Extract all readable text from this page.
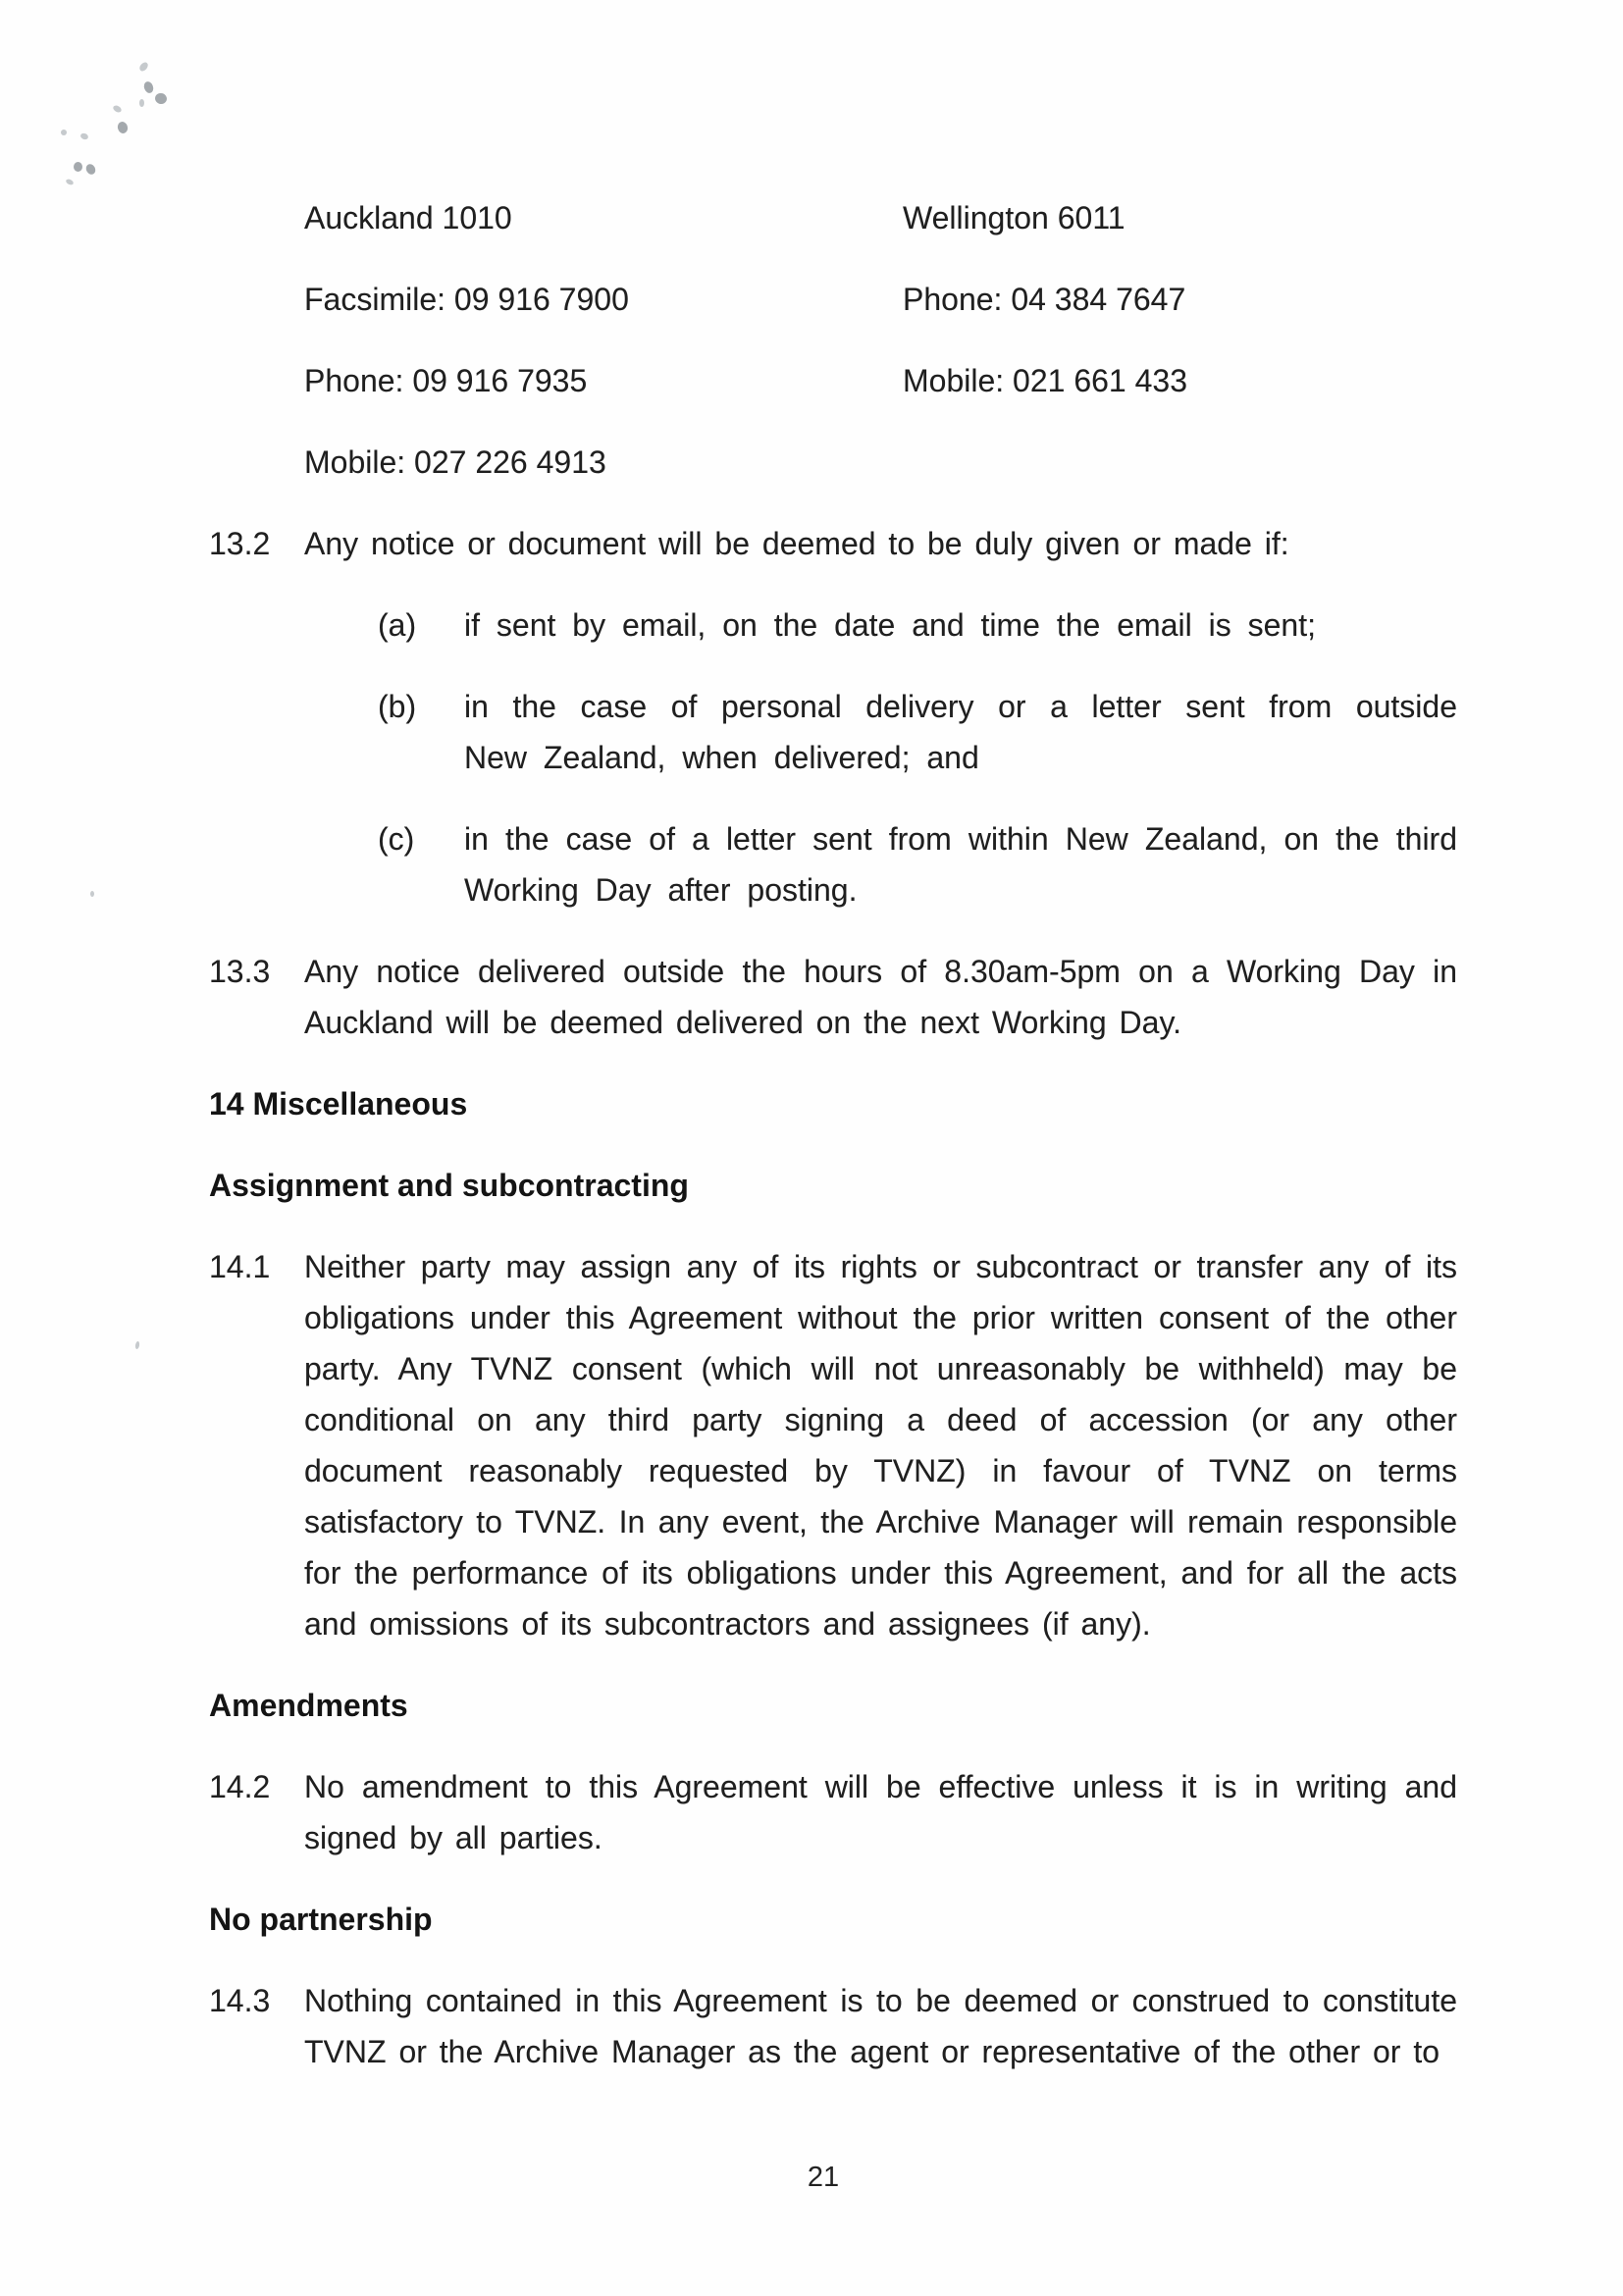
Auckland 1010	Wellington 6011
Facsimile: 09 916 7900	Phone: 04 384 7647
Phone: 09 916 7935	Mobile: 021 661 433
Mobile: 027 226 4913
13.2	Any notice or document will be deemed to be duly given or made if:
(a)	if sent by email, on the date and time the email is sent;
(b)	in the case of personal delivery or a letter sent from outside New Zealand, when delivered; and
(c)	in the case of a letter sent from within New Zealand, on the third Working Day after posting.
13.3	Any notice delivered outside the hours of 8.30am-5pm on a Working Day in Auckland will be deemed delivered on the next Working Day.
14 Miscellaneous
Assignment and subcontracting
14.1	Neither party may assign any of its rights or subcontract or transfer any of its obligations under this Agreement without the prior written consent of the other party. Any TVNZ consent (which will not unreasonably be withheld) may be conditional on any third party signing a deed of accession (or any other document reasonably requested by TVNZ) in favour of TVNZ on terms satisfactory to TVNZ. In any event, the Archive Manager will remain responsible for the performance of its obligations under this Agreement, and for all the acts and omissions of its subcontractors and assignees (if any).
Amendments
14.2	No amendment to this Agreement will be effective unless it is in writing and signed by all parties.
No partnership
14.3	Nothing contained in this Agreement is to be deemed or construed to constitute TVNZ or the Archive Manager as the agent or representative of the other or to
21
